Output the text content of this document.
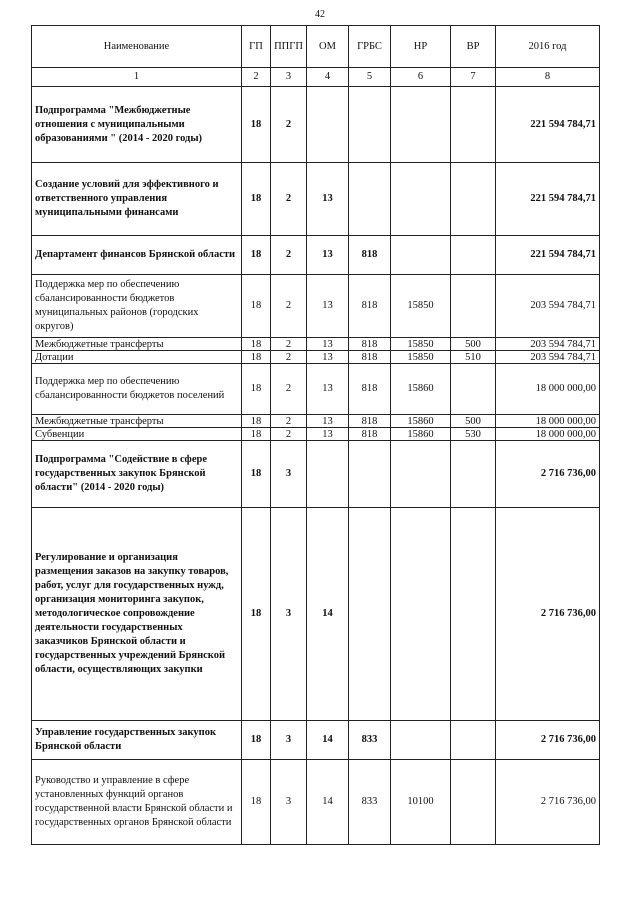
42
Наименование	ГП	ППГП	ОМ	ГРБС	НР	ВР	2016 год
1	2	3	4	5	6	7	8
Подпрограмма "Межбюджетные отношения с муниципальными образованиями " (2014 - 2020 годы)	18	2					221 594 784,71
Создание условий для эффективного и ответственного управления муниципальными финансами	18	2	13				221 594 784,71
Департамент финансов Брянской области	18	2	13	818			221 594 784,71
Поддержка мер по обеспечению сбалансированности бюджетов муниципальных районов (городских округов)	18	2	13	818	15850		203 594 784,71
Межбюджетные трансферты	18	2	13	818	15850	500	203 594 784,71
Дотации	18	2	13	818	15850	510	203 594 784,71
Поддержка мер по обеспечению сбалансированности бюджетов поселений	18	2	13	818	15860		18 000 000,00
Межбюджетные трансферты	18	2	13	818	15860	500	18 000 000,00
Субвенции	18	2	13	818	15860	530	18 000 000,00
Подпрограмма "Содействие в сфере государственных закупок Брянской области" (2014 - 2020 годы)	18	3					2 716 736,00
Регулирование и организация размещения заказов на закупку товаров, работ, услуг для государственных нужд, организация мониторинга закупок, методологическое сопровождение деятельности государственных заказчиков Брянской области и государственных учреждений Брянской области, осуществляющих закупки	18	3	14				2 716 736,00
Управление государственных закупок Брянской области	18	3	14	833			2 716 736,00
Руководство и управление в сфере установленных функций органов государственной власти Брянской области и государственных органов Брянской области	18	3	14	833	10100		2 716 736,00
